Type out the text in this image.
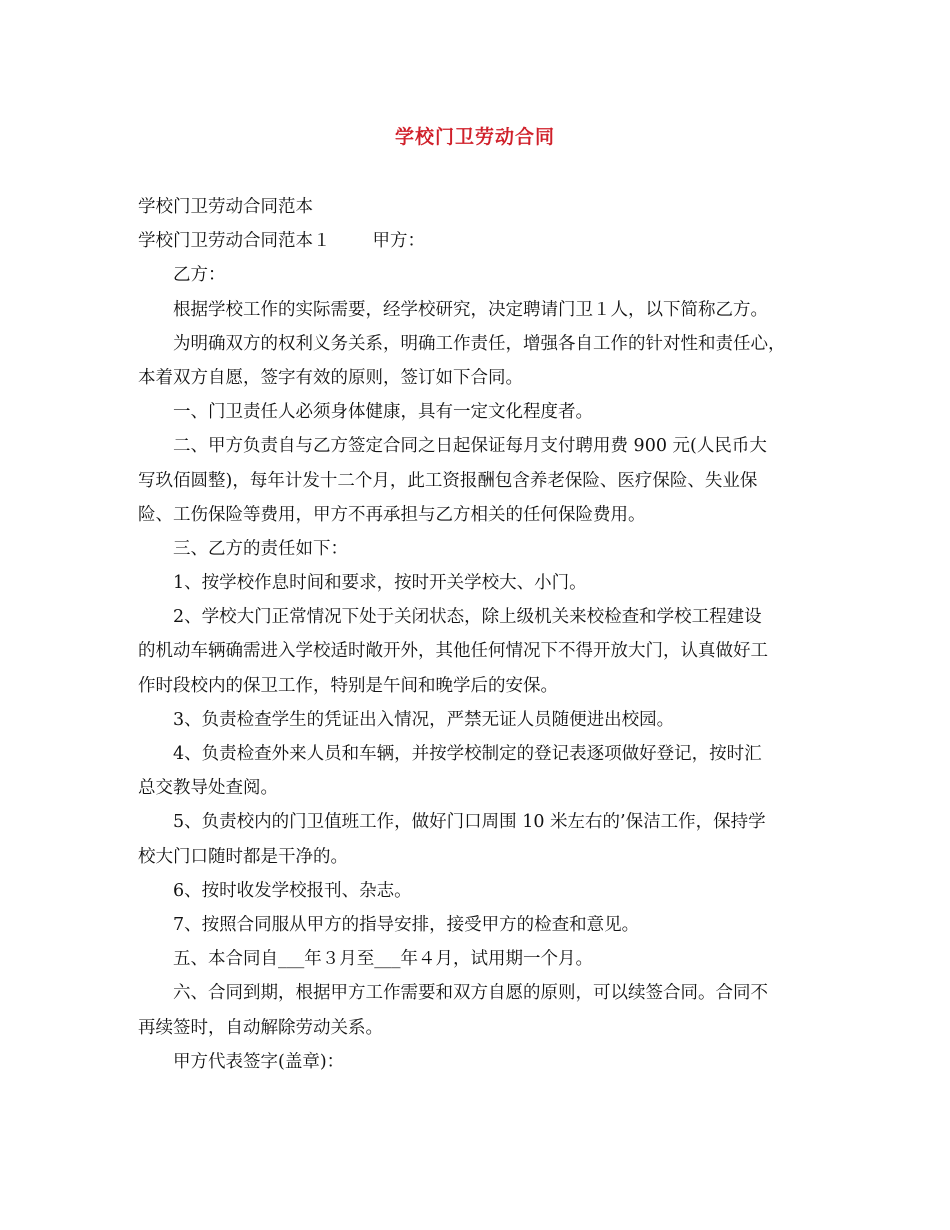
学校门卫劳动合同
学校门卫劳动合同范本
学校门卫劳动合同范本１ 甲方：
乙方：
根据学校工作的实际需要，经学校研究，决定聘请门卫１人，以下简称乙方。
为明确双方的权利义务关系，明确工作责任，增强各自工作的针对性和责任心，
本着双方自愿，签字有效的原则，签订如下合同。
一、门卫责任人必须身体健康，具有一定文化程度者。
二、甲方负责自与乙方签定合同之日起保证每月支付聘用费 900 元(人民币大
写玖佰圆整)，每年计发十二个月，此工资报酬包含养老保险、医疗保险、失业保
险、工伤保险等费用，甲方不再承担与乙方相关的任何保险费用。
三、乙方的责任如下：
1、按学校作息时间和要求，按时开关学校大、小门。
2、学校大门正常情况下处于关闭状态，除上级机关来校检查和学校工程建设
的机动车辆确需进入学校适时敞开外，其他任何情况下不得开放大门，认真做好工
作时段校内的保卫工作，特别是午间和晚学后的安保。
3、负责检查学生的凭证出入情况，严禁无证人员随便进出校园。
4、负责检查外来人员和车辆，并按学校制定的登记表逐项做好登记，按时汇
总交教导处查阅。
5、负责校内的门卫值班工作，做好门口周围 10 米左右的’保洁工作，保持学
校大门口随时都是干净的。
6、按时收发学校报刊、杂志。
7、按照合同服从甲方的指导安排，接受甲方的检查和意见。
五、本合同自___年３月至___年４月，试用期一个月。
六、合同到期，根据甲方工作需要和双方自愿的原则，可以续签合同。合同不
再续签时，自动解除劳动关系。
甲方代表签字(盖章)：
